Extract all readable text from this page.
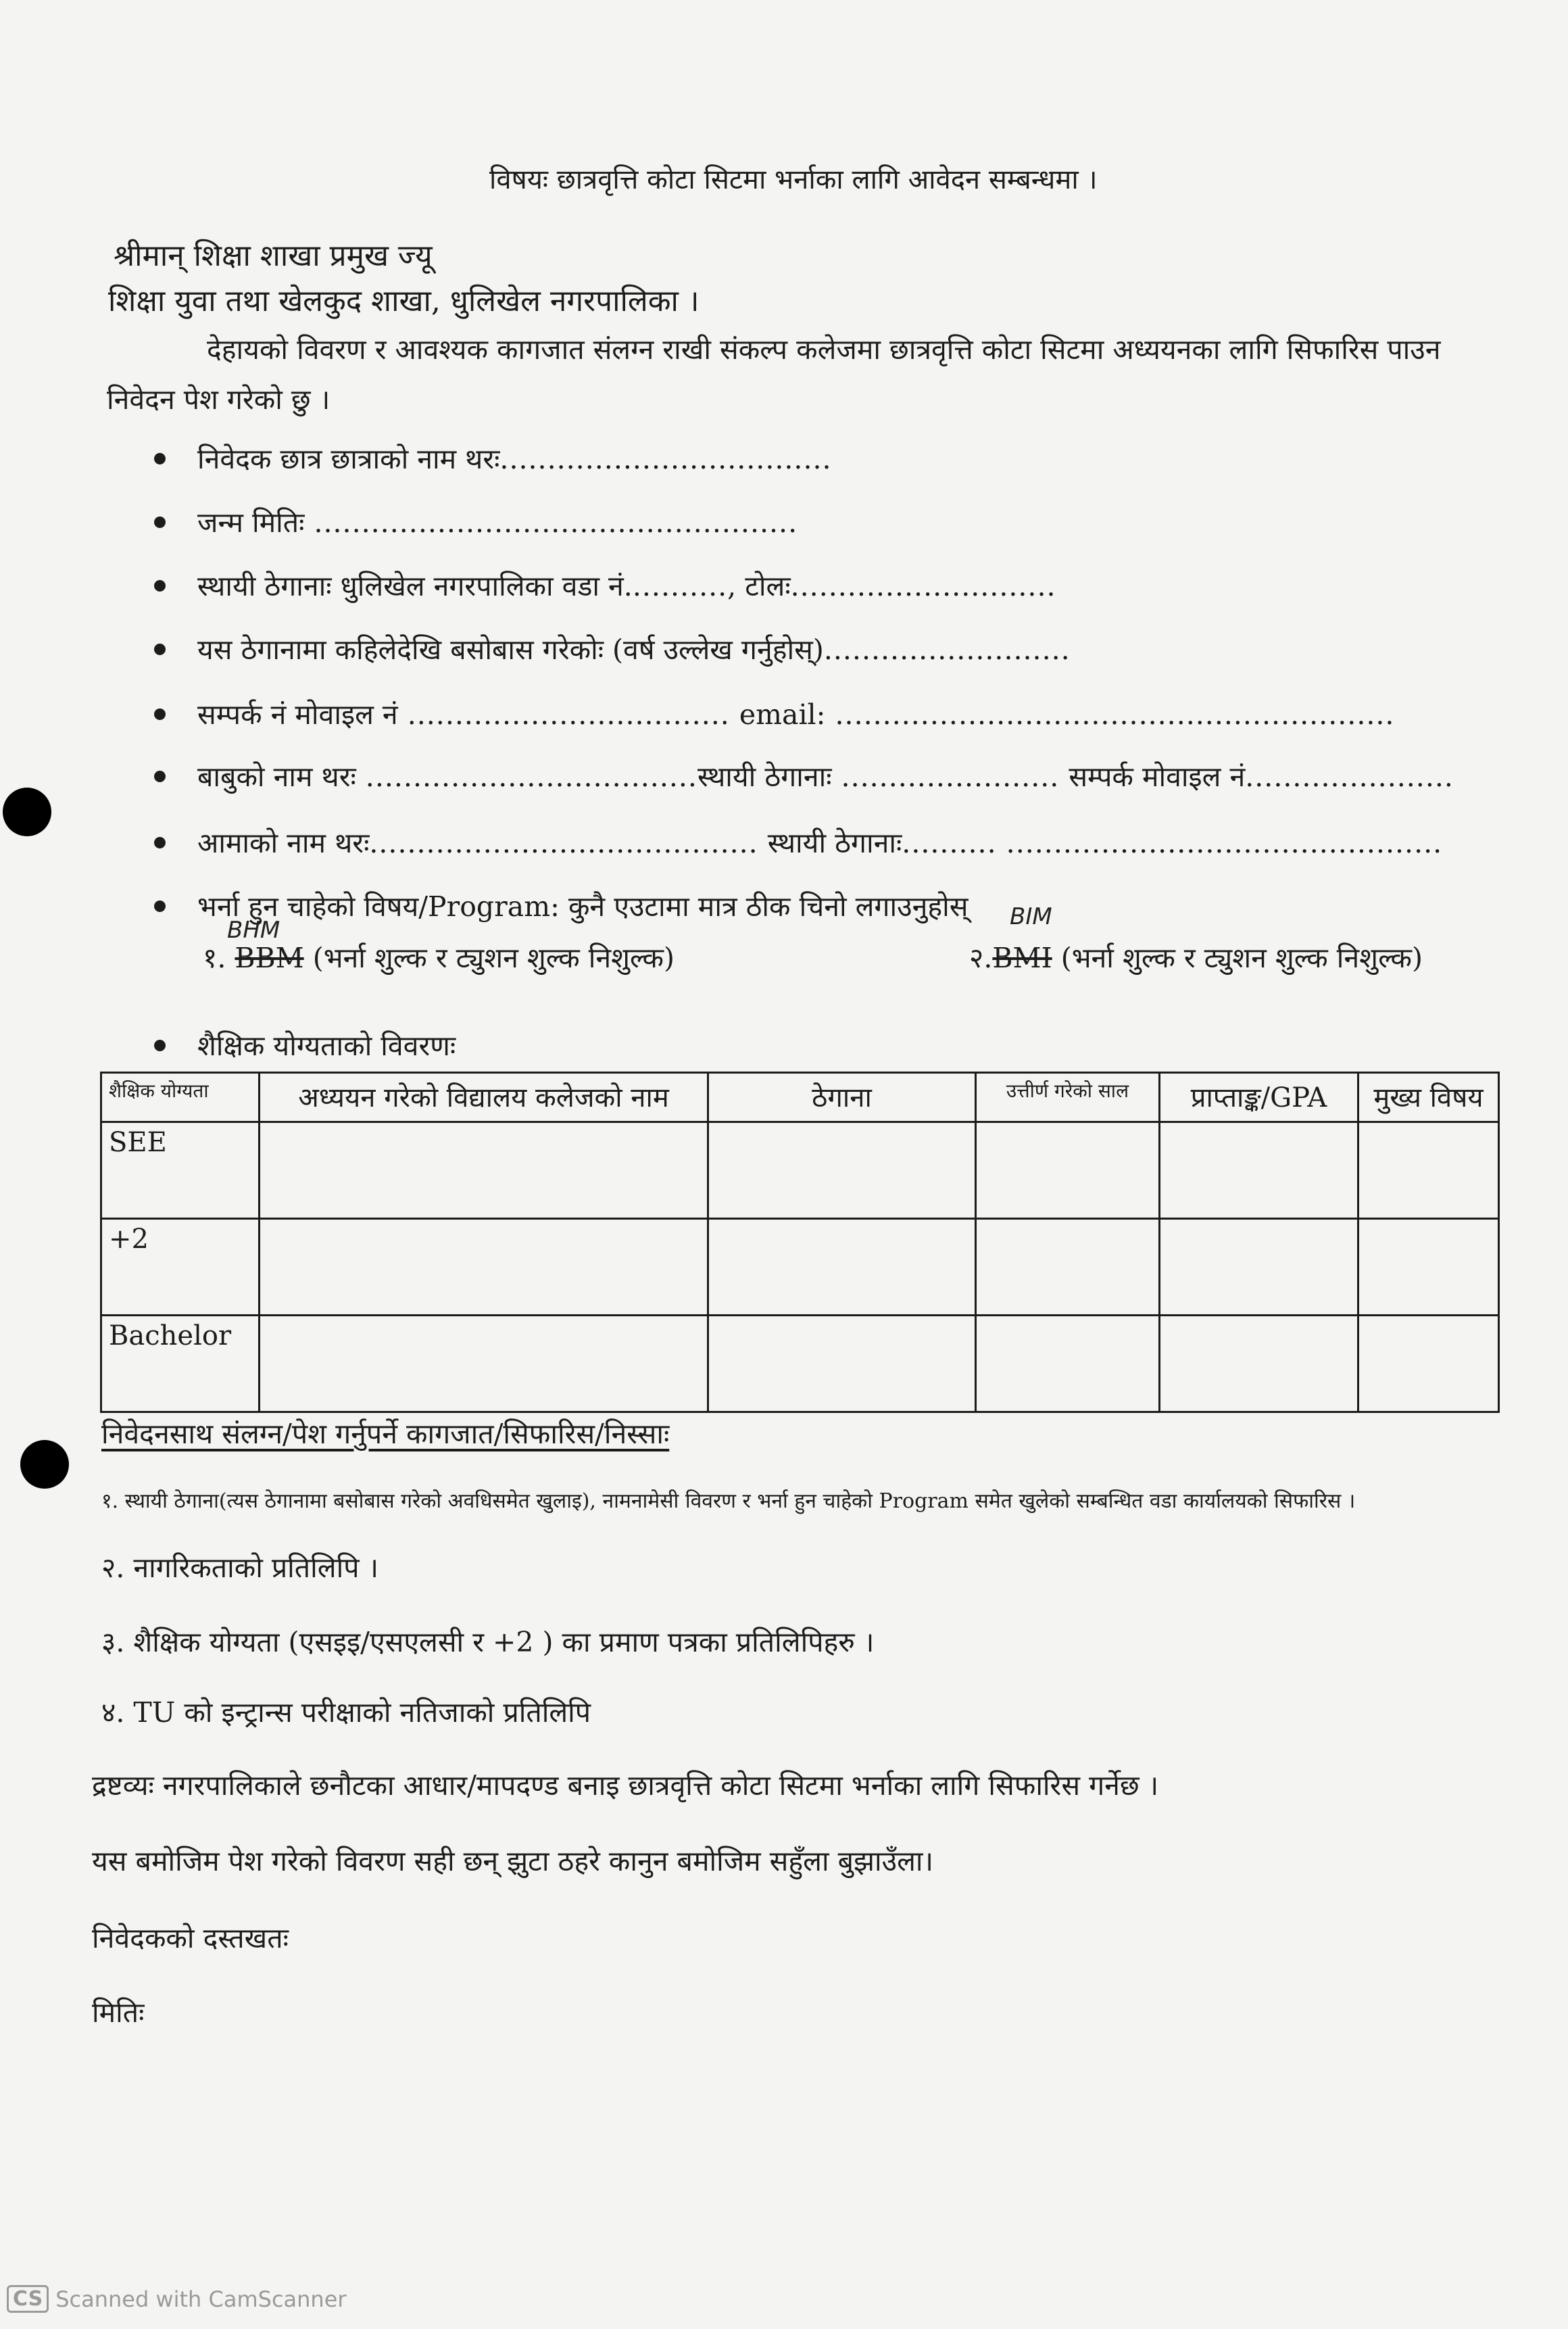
विषयः छात्रवृत्ति कोटा सिटमा भर्नाका लागि आवेदन सम्बन्धमा ।
श्रीमान् शिक्षा शाखा प्रमुख ज्यू
शिक्षा युवा तथा खेलकुद शाखा, धुलिखेल नगरपालिका ।
देहायको विवरण र आवश्यक कागजात संलग्न राखी संकल्प कलेजमा छात्रवृत्ति कोटा सिटमा अध्ययनका लागि सिफारिस पाउन
निवेदन पेश गरेको छु ।
निवेदक छात्र छात्राको नाम थरः...................................
जन्म मितिः ...................................................
स्थायी ठेगानाः धुलिखेल नगरपालिका वडा नं..........., टोलः............................
यस ठेगानामा कहिलेदेखि बसोबास गरेकोः (वर्ष उल्लेख गर्नुहोस्)..........................
सम्पर्क नं मोवाइल नं .................................. email: ...........................................................
बाबुको नाम थरः ...................................स्थायी ठेगानाः ....................... सम्पर्क मोवाइल नं......................
आमाको नाम थरः......................................... स्थायी ठेगानाः.......... ..............................................
भर्ना हुन चाहेको विषय/Program: कुनै एउटामा मात्र ठीक चिनो लगाउनुहोस्
१. BBM (भर्ना शुल्क र ट्युशन शुल्क निशुल्क)
BHM
२.BMI (भर्ना शुल्क र ट्युशन शुल्क निशुल्क)
BIM
शैक्षिक योग्यताको विवरणः
शैक्षिक योग्यता	अध्ययन गरेको विद्यालय कलेजको नाम	ठेगाना	उत्तीर्ण गरेको साल	प्राप्ताङ्क/GPA	मुख्य विषय
SEE					
+2					
Bachelor					
निवेदनसाथ संलग्न/पेश गर्नुपर्ने कागजात/सिफारिस/निस्साः
१. स्थायी ठेगाना(त्यस ठेगानामा बसोबास गरेको अवधिसमेत खुलाइ), नामनामेसी विवरण र भर्ना हुन चाहेको Program समेत खुलेको सम्बन्धित वडा कार्यालयको सिफारिस ।
२. नागरिकताको प्रतिलिपि ।
३. शैक्षिक योग्यता (एसइइ/एसएलसी र +2 ) का प्रमाण पत्रका प्रतिलिपिहरु ।
४. TU को इन्ट्रान्स परीक्षाको नतिजाको प्रतिलिपि
द्रष्टव्यः नगरपालिकाले छनौटका आधार/मापदण्ड बनाइ छात्रवृत्ति कोटा सिटमा भर्नाका लागि सिफारिस गर्नेछ ।
यस बमोजिम पेश गरेको विवरण सही छन् झुटा ठहरे कानुन बमोजिम सहुँला बुझाउँला।
निवेदकको दस्तखतः
मितिः
CS Scanned with CamScanner
